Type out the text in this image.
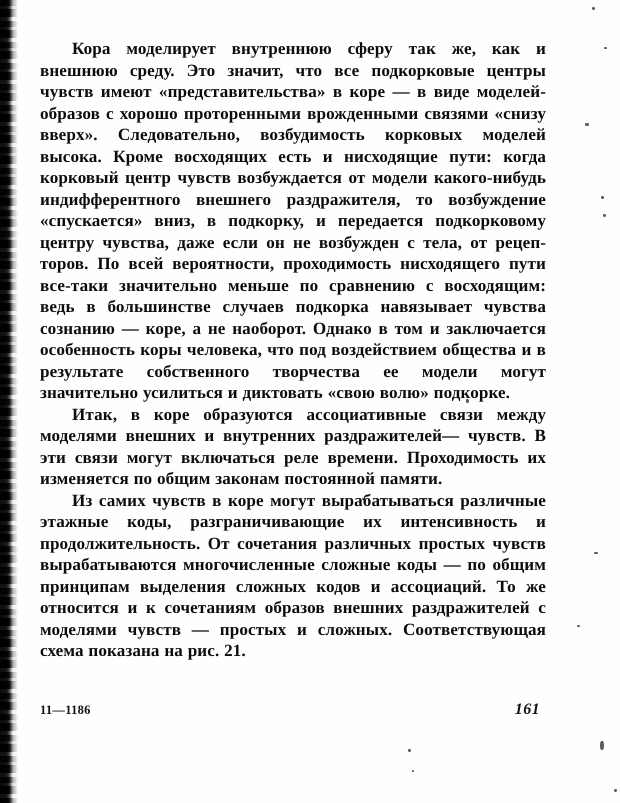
Кора моделирует внутреннюю сферу так же, как и внешнюю среду. Это значит, что все подкорковые центры чувств имеют «представительства» в коре — в виде моделей-образов с хорошо проторенными врожденными связями «снизу вверх». Следовательно, возбудимость корковых моделей высока. Кроме восходящих есть и нисходящие пути: когда корковый центр чувств возбуждается от модели какого-нибудь индифферентного внешнего раздражителя, то возбуждение «спускается» вниз, в подкорку, и передается подкорковому центру чувства, даже если он не возбужден с тела, от рецепторов. По всей вероятности, проходимость нисходящего пути все-таки значительно меньше по сравнению с восходящим: ведь в большинстве случаев подкорка навязывает чувства сознанию — коре, а не наоборот. Однако в том и заключается особенность коры человека, что под воздействием общества и в результате собственного творчества ее модели могут значительно усилиться и диктовать «свою волю» подкорке.

Итак, в коре образуются ассоциативные связи между моделями внешних и внутренних раздражителей— чувств. В эти связи могут включаться реле времени. Проходимость их изменяется по общим законам постоянной памяти.

Из самих чувств в коре могут вырабатываться различные этажные коды, разграничивающие их интенсивность и продолжительность. От сочетания различных простых чувств вырабатываются многочисленные сложные коды — по общим принципам выделения сложных кодов и ассоциаций. То же относится и к сочетаниям образов внешних раздражителей с моделями чувств — простых и сложных. Соответствующая схема показана на рис. 21.

11—1186	161
